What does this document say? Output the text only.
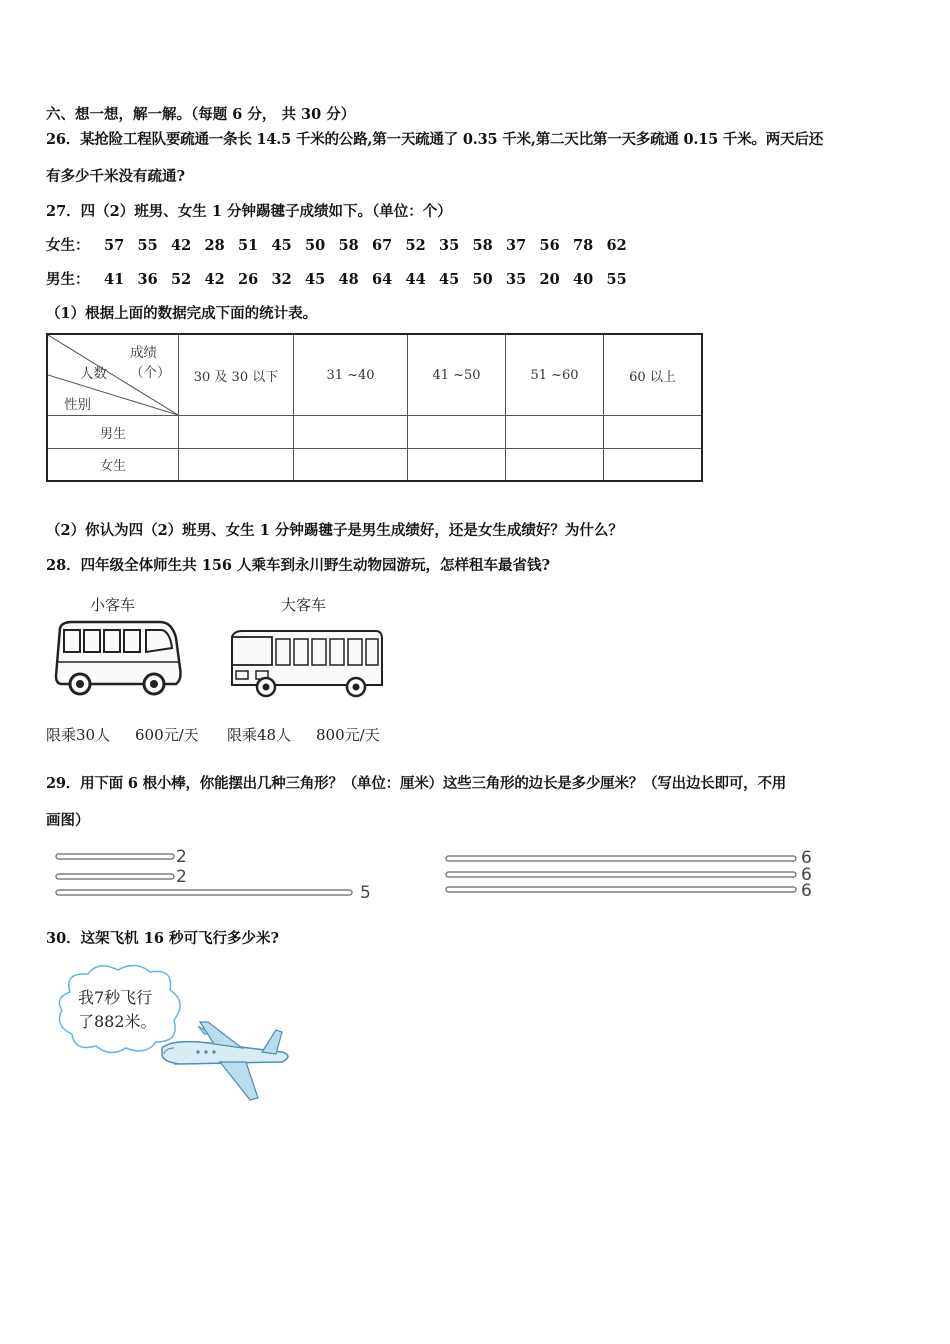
六、想一想，解一解。（每题 6 分， 共 30 分）
26．某抢险工程队要疏通一条长 14.5 千米的公路,第一天疏通了 0.35 千米,第二天比第一天多疏通 0.15 千米。两天后还
有多少千米没有疏通?
27．四（2）班男、女生 1 分钟踢毽子成绩如下。（单位：个）
女生： 57 55 42 28 51 45 50 58 67 52 35 58 37 56 78 62
男生： 41 36 52 42 26 32 45 48 64 44 45 50 35 20 40 55
（1）根据上面的数据完成下面的统计表。
成绩
（个）
人数
性别	30 及 30 以下	31 ~40	41 ~50	51 ~60	60 以上
男生					
女生					
（2）你认为四（2）班男、女生 1 分钟踢毽子是男生成绩好，还是女生成绩好？为什么？
28．四年级全体师生共 156 人乘车到永川野生动物园游玩，怎样租车最省钱?
小客车	大客车
限乘30人 600元/天 限乘48人 800元/天
29．用下面 6 根小棒，你能摆出几种三角形？（单位：厘米）这些三角形的边长是多少厘米？（写出边长即可，不用
画图）
2
2
5
6
6
6
30．这架飞机 16 秒可飞行多少米?
我7秒飞行
了882米。
